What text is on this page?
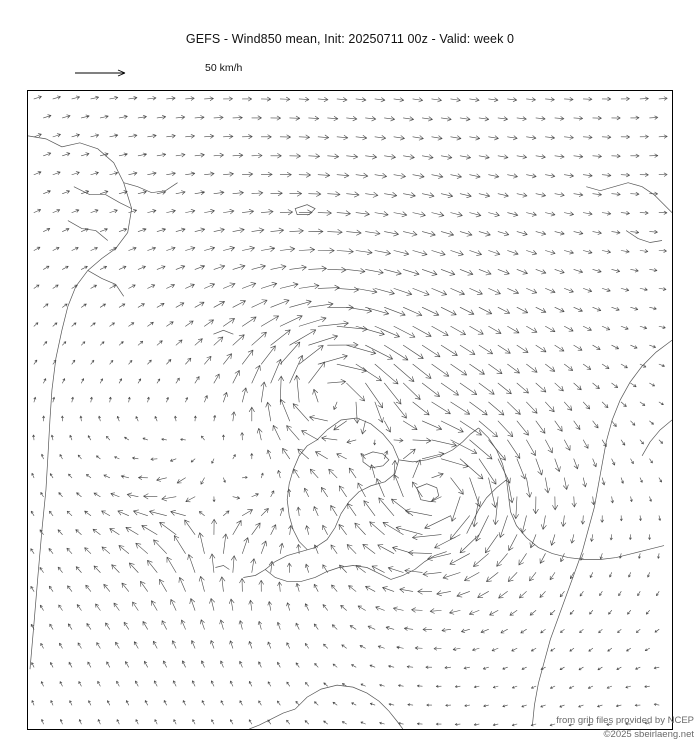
GEFS - Wind850 mean, Init: 20250711 00z - Valid: week 0
50 km/h
from grib files provided by NCEP
©2025 sbeirlaeng.net
